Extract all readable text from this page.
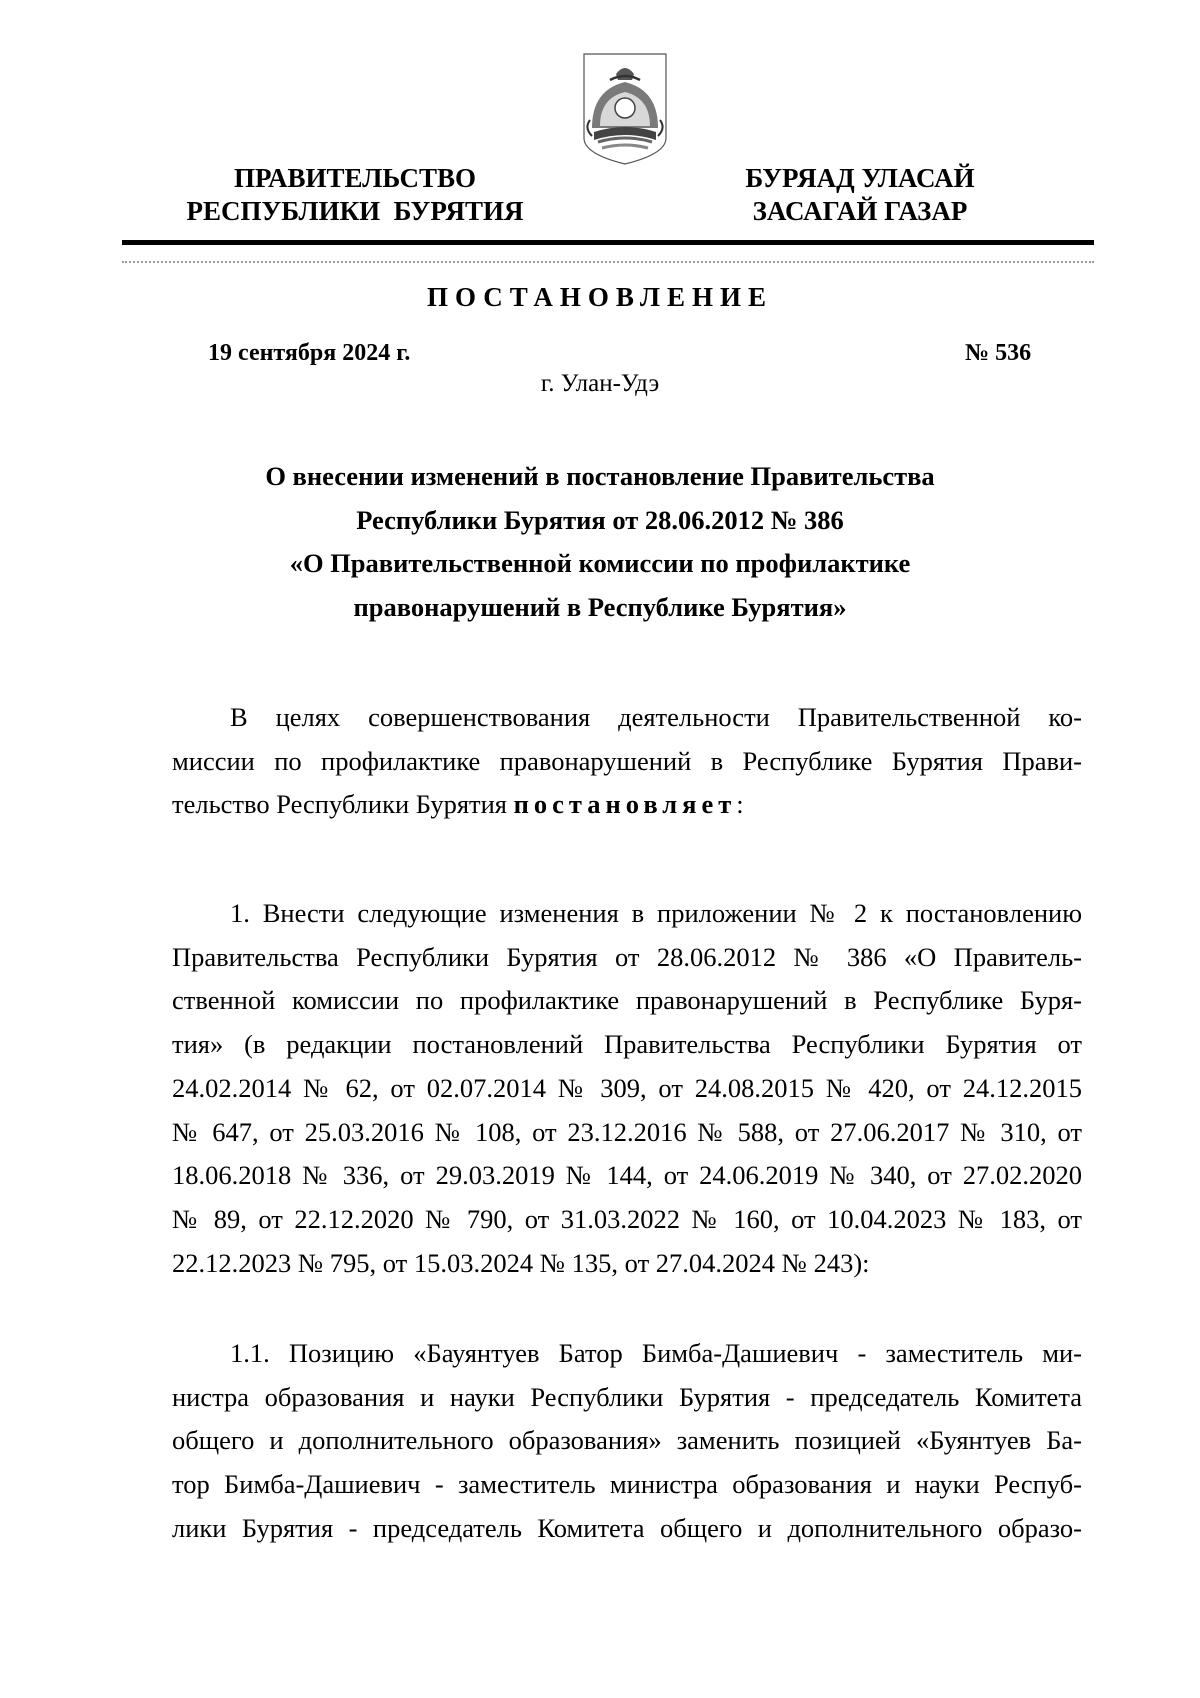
ПРАВИТЕЛЬСТВО
РЕСПУБЛИКИ  БУРЯТИЯ
БУРЯАД УЛАСАЙ
ЗАСАГАЙ ГАЗАР
ПОСТАНОВЛЕНИЕ
19 сентября 2024 г.	№ 536
г. Улан-Удэ
О внесении изменений в постановление Правительства
Республики Бурятия от 28.06.2012 № 386
«О Правительственной комиссии по профилактике
правонарушений в Республике Бурятия»
В целях совершенствования деятельности Правительственной ко-
миссии по профилактике правонарушений в Республике Бурятия Прави-
тельство Республики Бурятия постановляет:
1. Внести следующие изменения в приложении № 2 к постановлению
Правительства Республики Бурятия от 28.06.2012 № 386 «О Правитель-
ственной комиссии по профилактике правонарушений в Республике Буря-
тия» (в редакции постановлений Правительства Республики Бурятия от
24.02.2014 № 62, от 02.07.2014 № 309, от 24.08.2015 № 420, от 24.12.2015
№ 647, от 25.03.2016 № 108, от 23.12.2016 № 588, от 27.06.2017 № 310, от
18.06.2018 № 336, от 29.03.2019 № 144, от 24.06.2019 № 340, от 27.02.2020
№ 89, от 22.12.2020 № 790, от 31.03.2022 № 160, от 10.04.2023 № 183, от
22.12.2023 № 795, от 15.03.2024 № 135, от 27.04.2024 № 243):
1.1. Позицию «Бауянтуев Батор Бимба-Дашиевич - заместитель ми-
нистра образования и науки Республики Бурятия - председатель Комитета
общего и дополнительного образования» заменить позицией «Буянтуев Ба-
тор Бимба-Дашиевич - заместитель министра образования и науки Респуб-
лики Бурятия - председатель Комитета общего и дополнительного образо-
